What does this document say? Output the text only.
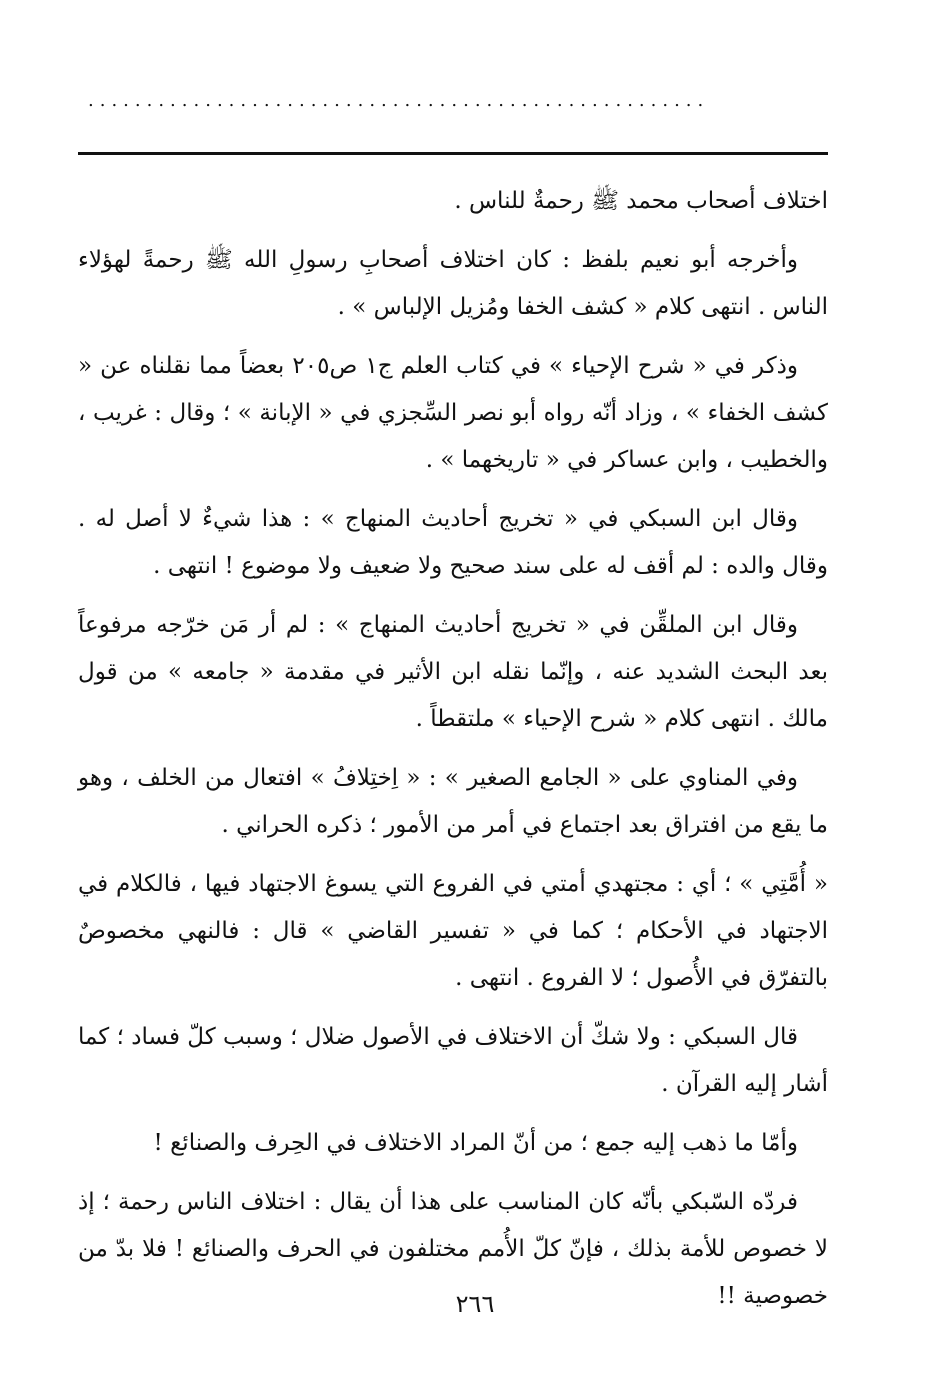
.....................................................

اختلاف أصحاب محمد ﷺ رحمةٌ للناس .

وأخرجه أبو نعيم بلفظ : كان اختلاف أصحابِ رسولِ الله ﷺ رحمةً لهؤلاء الناس . انتهى كلام « كشف الخفا ومُزيل الإلباس » .

وذكر في « شرح الإحياء » في كتاب العلم ج١ ص٢٠٥ بعضاً مما نقلناه عن « كشف الخفاء » ، وزاد أنّه رواه أبو نصر السِّجزي في « الإبانة » ؛ وقال : غريب ، والخطيب ، وابن عساكر في « تاريخهما » .

وقال ابن السبكي في « تخريج أحاديث المنهاج » : هذا شيءٌ لا أصل له . وقال والده : لم أقف له على سند صحيح ولا ضعيف ولا موضوع ! انتهى .

وقال ابن الملقِّن في « تخريج أحاديث المنهاج » : لم أر مَن خرّجه مرفوعاً بعد البحث الشديد عنه ، وإنّما نقله ابن الأثير في مقدمة « جامعه » من قول مالك . انتهى كلام « شرح الإحياء » ملتقطاً .

وفي المناوي على « الجامع الصغير » : « اِختِلافُ » افتعال من الخلف ، وهو ما يقع من افتراق بعد اجتماع في أمر من الأمور ؛ ذكره الحراني .

« أُمَّتِي » ؛ أي : مجتهدي أمتي في الفروع التي يسوغ الاجتهاد فيها ، فالكلام في الاجتهاد في الأحكام ؛ كما في « تفسير القاضي » قال : فالنهي مخصوصٌ بالتفرّق في الأُصول ؛ لا الفروع . انتهى .

قال السبكي : ولا شكّ أن الاختلاف في الأصول ضلال ؛ وسبب كلّ فساد ؛ كما أشار إليه القرآن .

وأمّا ما ذهب إليه جمع ؛ من أنّ المراد الاختلاف في الحِرف والصنائع !

فردّه السّبكي بأنّه كان المناسب على هذا أن يقال : اختلاف الناس رحمة ؛ إذ لا خصوص للأمة بذلك ، فإنّ كلّ الأُمم مختلفون في الحرف والصنائع ! فلا بدّ من خصوصية !!

٢٦٦
